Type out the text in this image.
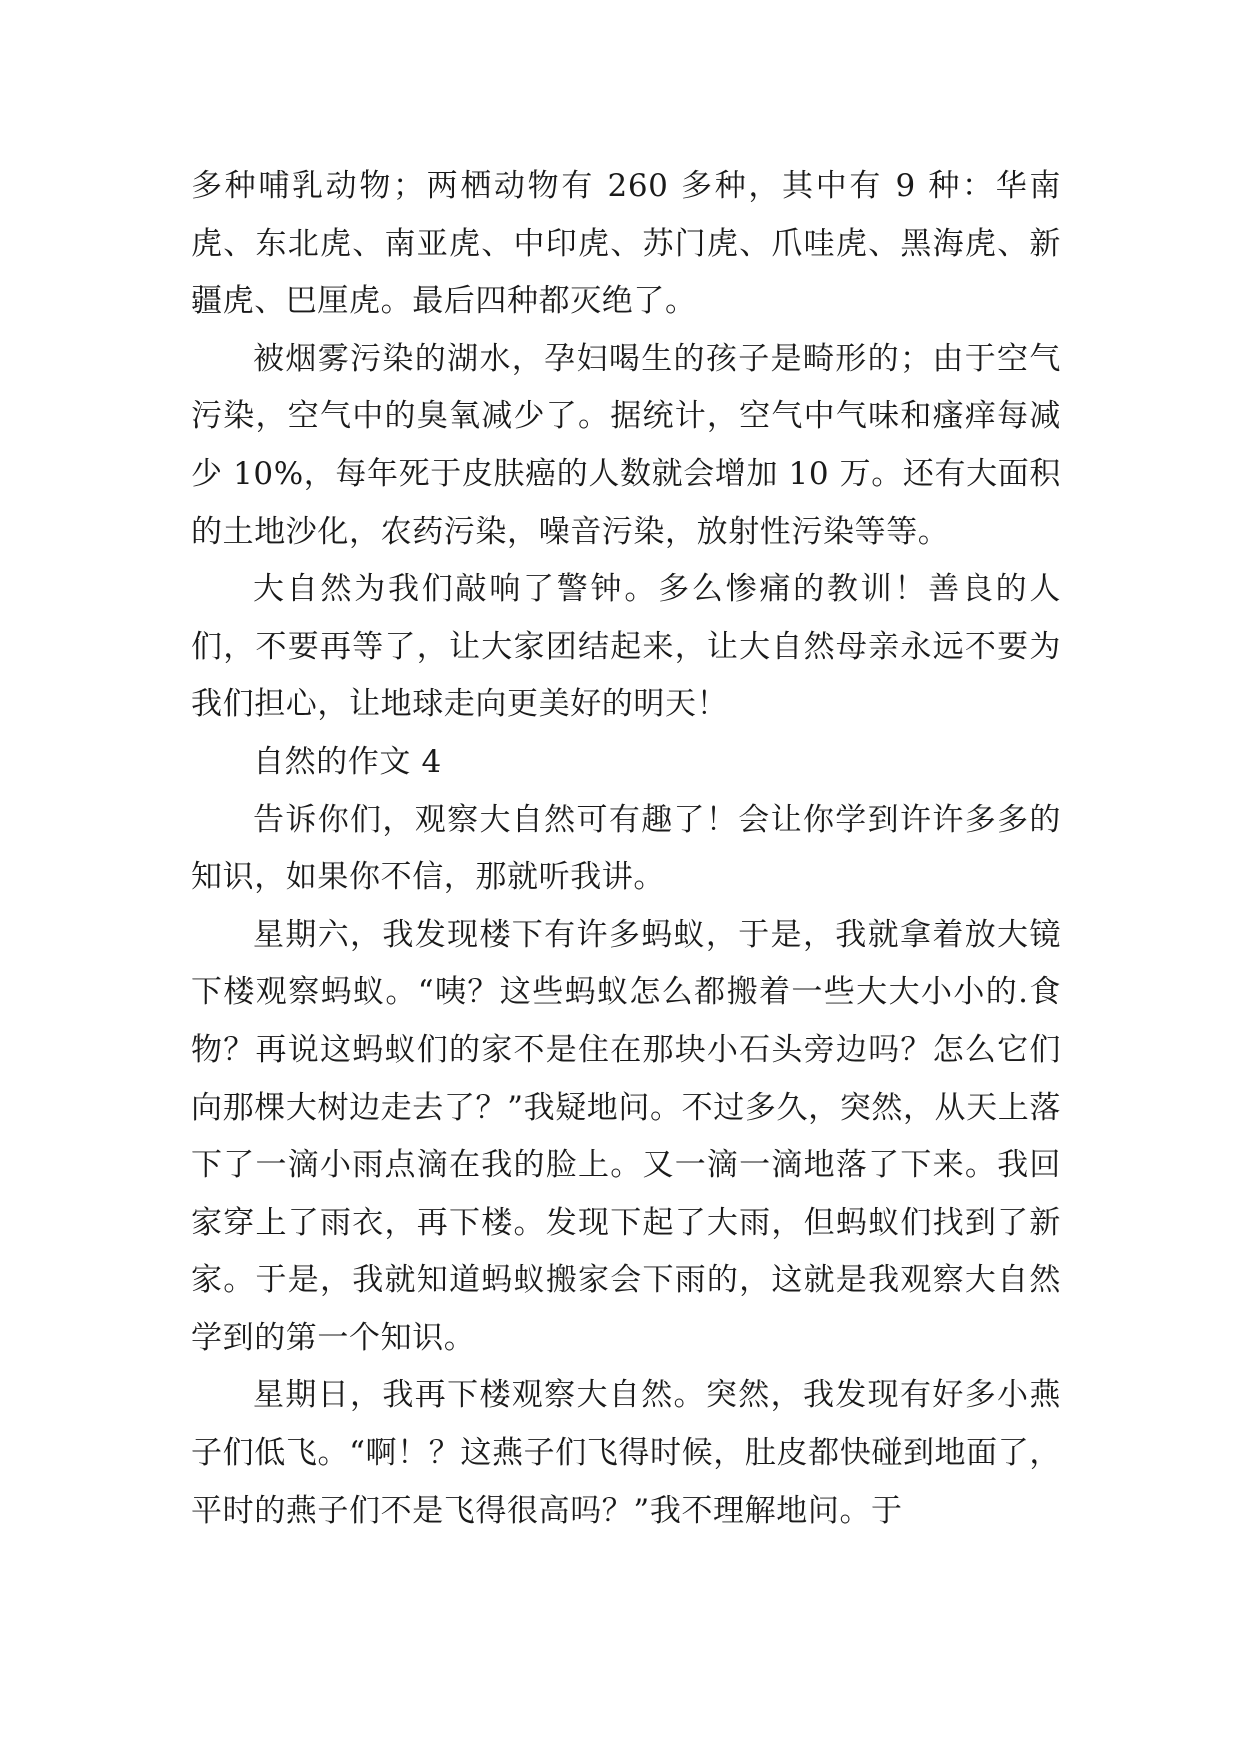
多种哺乳动物；两栖动物有 260 多种，其中有 9 种：华南虎、东北虎、南亚虎、中印虎、苏门虎、爪哇虎、黑海虎、新疆虎、巴厘虎。最后四种都灭绝了。

被烟雾污染的湖水，孕妇喝生的孩子是畸形的；由于空气污染，空气中的臭氧减少了。据统计，空气中气味和瘙痒每减少 10%，每年死于皮肤癌的人数就会增加 10 万。还有大面积的土地沙化，农药污染，噪音污染，放射性污染等等。

大自然为我们敲响了警钟。多么惨痛的教训！善良的人们，不要再等了，让大家团结起来，让大自然母亲永远不要为我们担心，让地球走向更美好的明天！

自然的作文 4

告诉你们，观察大自然可有趣了！会让你学到许许多多的知识，如果你不信，那就听我讲。

星期六，我发现楼下有许多蚂蚁，于是，我就拿着放大镜下楼观察蚂蚁。“咦？这些蚂蚁怎么都搬着一些大大小小的.食物？再说这蚂蚁们的家不是住在那块小石头旁边吗？怎么它们向那棵大树边走去了？”我疑地问。不过多久，突然，从天上落下了一滴小雨点滴在我的脸上。又一滴一滴地落了下来。我回家穿上了雨衣，再下楼。发现下起了大雨，但蚂蚁们找到了新家。于是，我就知道蚂蚁搬家会下雨的，这就是我观察大自然学到的第一个知识。

星期日，我再下楼观察大自然。突然，我发现有好多小燕子们低飞。“啊！？这燕子们飞得时候，肚皮都快碰到地面了，平时的燕子们不是飞得很高吗？”我不理解地问。于
